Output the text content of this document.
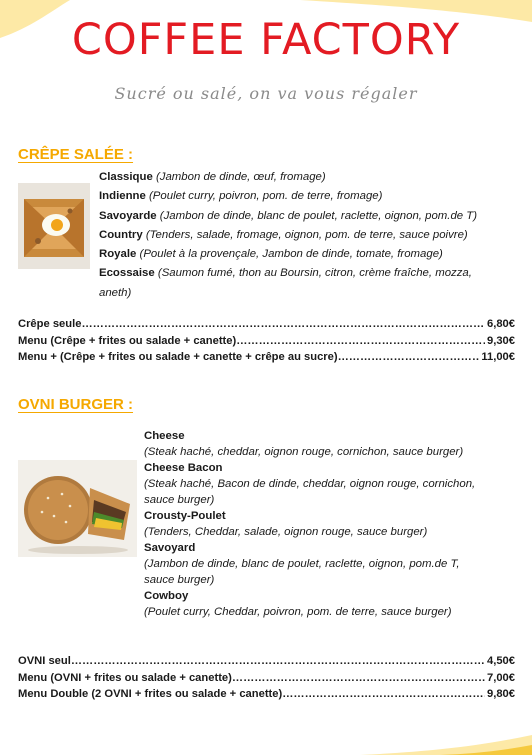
COFFEE FACTORY
Sucré ou salé, on va vous régaler
CRÊPE SALÉE :
Classique (Jambon de dinde, œuf, fromage)
Indienne (Poulet curry, poivron, pom. de terre, fromage)
Savoyarde (Jambon de dinde, blanc de poulet, raclette, oignon, pom.de T)
Country (Tenders, salade, fromage, oignon, pom. de terre, sauce poivre)
Royale (Poulet à la provençale, Jambon de dinde, tomate, fromage)
Ecossaise (Saumon fumé, thon au Boursin, citron, crème fraîche, mozza,
aneth)
Crêpe seule ……………………………………………………………………………………………………………………………………………………	6,80€
Menu (Crêpe + frites ou salade + canette) ……………………………………………………………………………………………………………………………………………………	9,30€
Menu + (Crêpe + frites ou salade + canette + crêpe au sucre) ……………………………………………………………………………………………………………………………………………………	11,00€
OVNI BURGER :
Cheese
(Steak haché, cheddar, oignon rouge, cornichon, sauce burger)
Cheese Bacon
(Steak haché, Bacon de dinde, cheddar, oignon rouge, cornichon,
sauce burger)
Crousty-Poulet
(Tenders, Cheddar, salade, oignon rouge, sauce burger)
Savoyard
(Jambon de dinde, blanc de poulet, raclette, oignon, pom.de T,
sauce burger)
Cowboy
(Poulet curry, Cheddar, poivron, pom. de terre, sauce burger)
OVNI seul ……………………………………………………………………………………………………………………………………………………	4,50€
Menu (OVNI + frites ou salade + canette) ……………………………………………………………………………………………………………………………………………………	7,00€
Menu Double (2 OVNI + frites ou salade + canette) ……………………………………………………………………………………………………………………………………………………	9,80€
